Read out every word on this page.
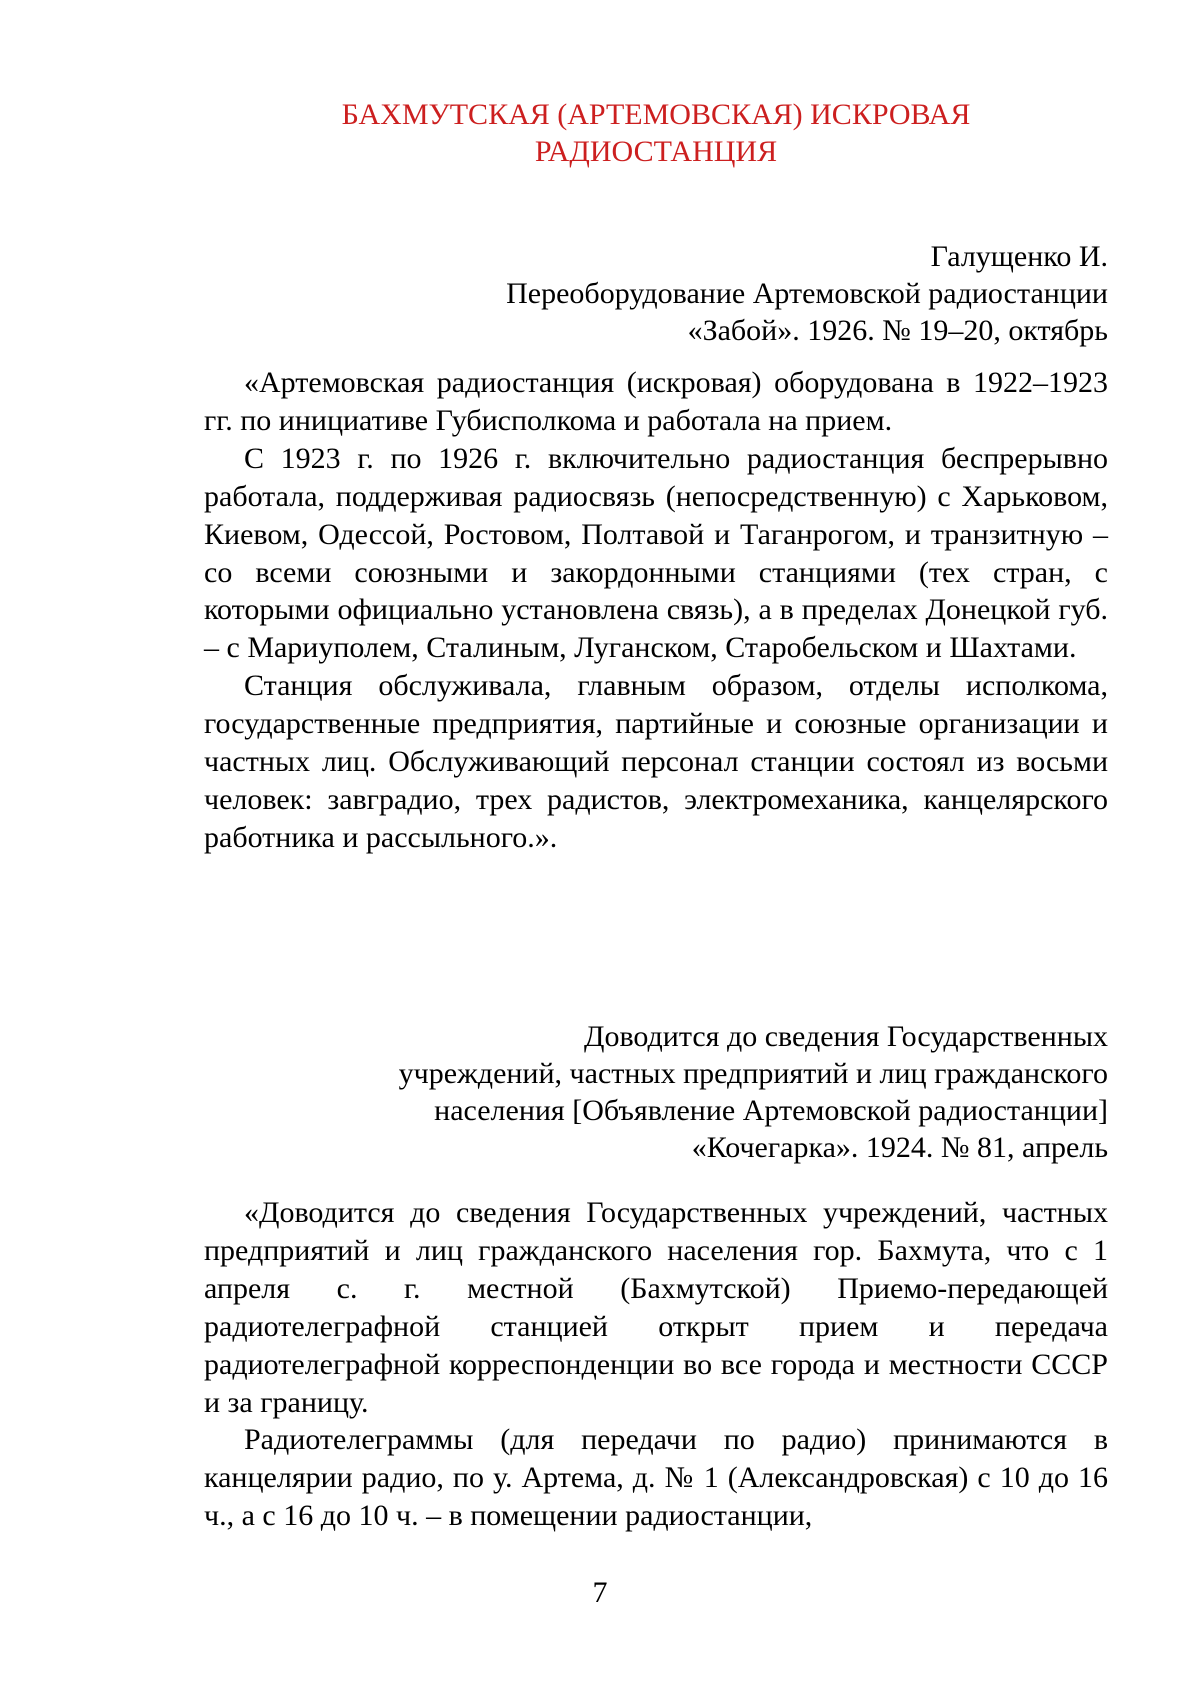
БАХМУТСКАЯ (АРТЕМОВСКАЯ) ИСКРОВАЯ
РАДИОСТАНЦИЯ
Галущенко И.
Переоборудование Артемовской радиостанции
«Забой». 1926. № 19–20, октябрь

«Артемовская радиостанция (искровая) оборудована в 1922–1923 гг. по инициативе Губисполкома и работала на прием.

С 1923 г. по 1926 г. включительно радиостанция беспрерывно работала, поддерживая радиосвязь (непосредственную) с Харьковом, Киевом, Одессой, Ростовом, Полтавой и Таганрогом, и транзитную – со всеми союзными и закордонными станциями (тех стран, с которыми официально установлена связь), а в пределах Донецкой губ. – с Мариуполем, Сталиным, Луганском, Старобельском и Шахтами.

Станция обслуживала, главным образом, отделы исполкома, государственные предприятия, партийные и союзные организации и частных лиц. Обслуживающий персонал станции состоял из восьми человек: завградио, трех радистов, электромеханика, канцелярского работника и рассыльного.».

Доводится до сведения Государственных
учреждений, частных предприятий и лиц гражданского
населения [Объявление Артемовской радиостанции]
«Кочегарка». 1924. № 81, апрель

«Доводится до сведения Государственных учреждений, частных предприятий и лиц гражданского населения гор. Бахмута, что с 1 апреля с. г. местной (Бахмутской) Приемо-передающей радиотелеграфной станцией открыт прием и передача радиотелеграфной корреспонденции во все города и местности СССР и за границу.

Радиотелеграммы (для передачи по радио) принимаются в канцелярии радио, по у. Артема, д. № 1 (Александровская) с 10 до 16 ч., а с 16 до 10 ч. – в помещении радиостанции,

7
